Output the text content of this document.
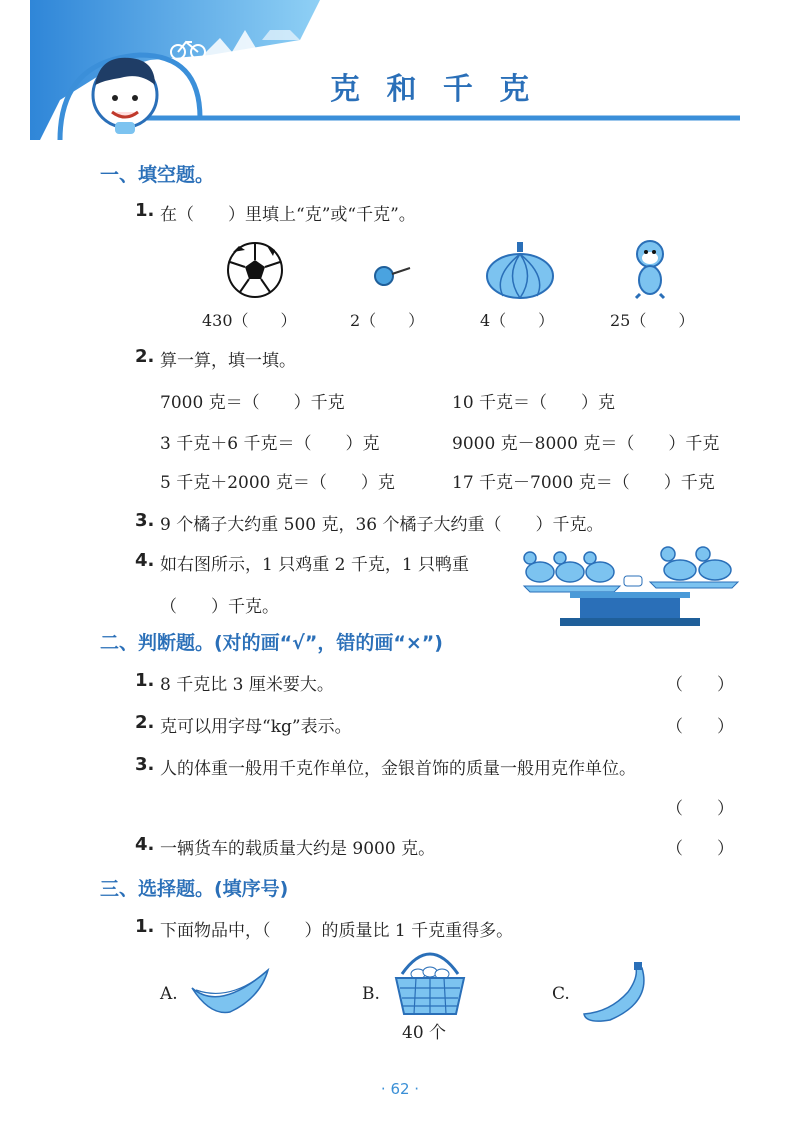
克 和 千 克
一、填空题。
1. 在（　　）里填上“克”或“千克”。
430（　　）	2（　　）	4（　　）	25（　　）
2. 算一算，填一填。
7000 克＝（　　）千克	10 千克＝（　　）克
3 千克＋6 千克＝（　　）克	9000 克－8000 克＝（　　）千克
5 千克＋2000 克＝（　　）克	17 千克－7000 克＝（　　）千克
3. 9 个橘子大约重 500 克，36 个橘子大约重（　　）千克。
4. 如右图所示，1 只鸡重 2 千克，1 只鸭重
（　　）千克。
二、判断题。(对的画“√”，错的画“×”)
1. 8 千克比 3 厘米要大。	（　　）
2. 克可以用字母“kg”表示。	（　　）
3. 人的体重一般用千克作单位，金银首饰的质量一般用克作单位。
（　　）
4. 一辆货车的载质量大约是 9000 克。	（　　）
三、选择题。(填序号)
1. 下面物品中，（　　）的质量比 1 千克重得多。
A.	B.
40 个
C.
· 62 ·
